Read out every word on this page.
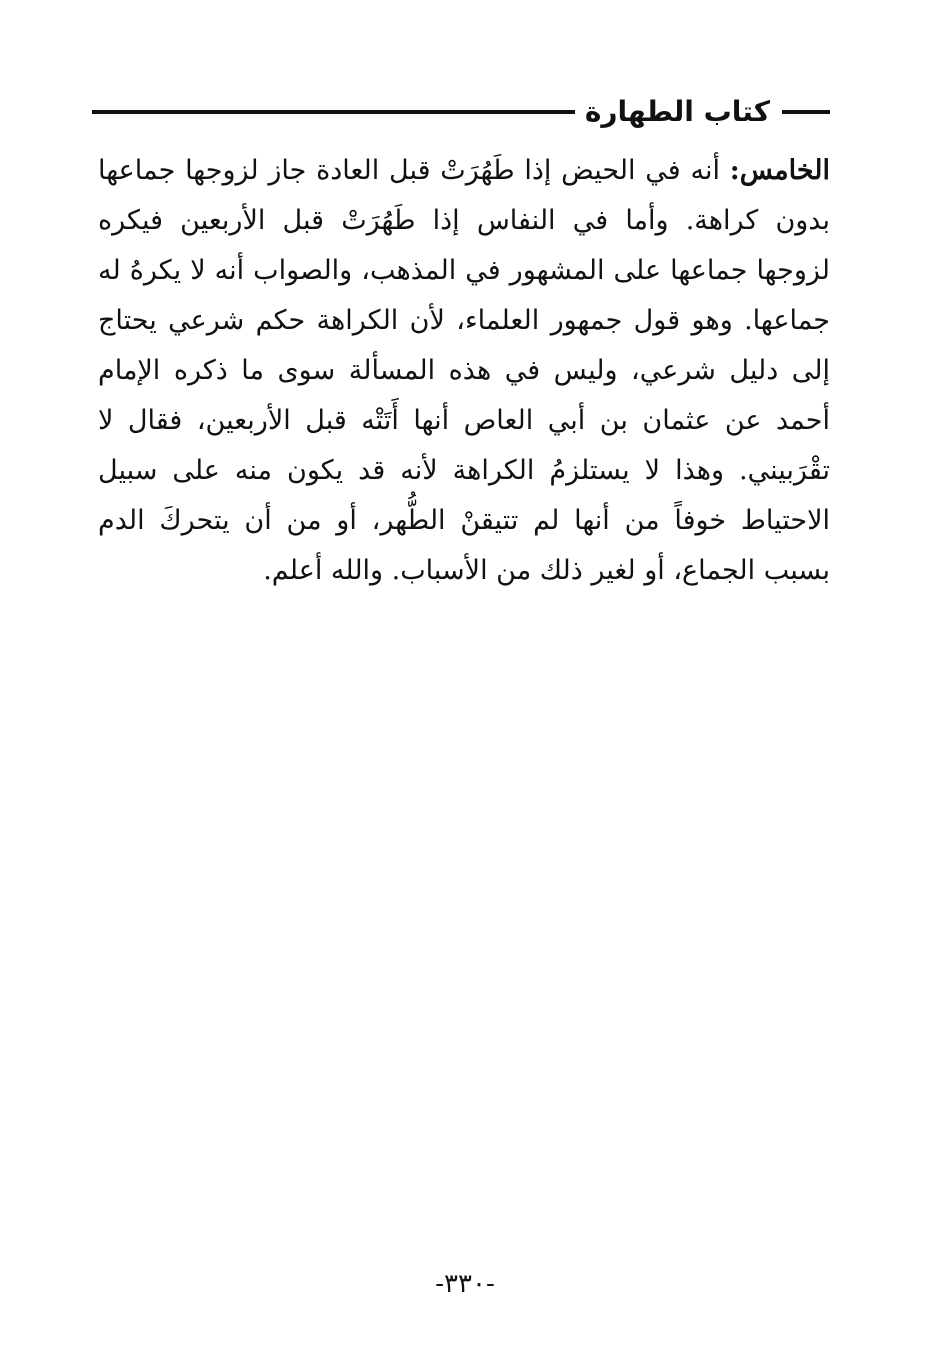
كتاب الطهارة
الخامس: أنه في الحيض إذا طَهُرَتْ قبل العادة جاز لزوجها جماعها بدون كراهة. وأما في النفاس إذا طَهُرَتْ قبل الأربعين فيكره لزوجها جماعها على المشهور في المذهب، والصواب أنه لا يكرهُ له جماعها. وهو قول جمهور العلماء، لأن الكراهة حكم شرعي يحتاج إلى دليل شرعي، وليس في هذه المسألة سوى ما ذكره الإمام أحمد عن عثمان بن أبي العاص أنها أَتَتْه قبل الأربعين، فقال لا تقْرَبيني. وهذا لا يستلزمُ الكراهة لأنه قد يكون منه على سبيل الاحتياط خوفاً من أنها لم تتيقنْ الطُّهر، أو من أن يتحركَ الدم بسبب الجماع، أو لغير ذلك من الأسباب. والله أعلم.
-٣٣٠-
